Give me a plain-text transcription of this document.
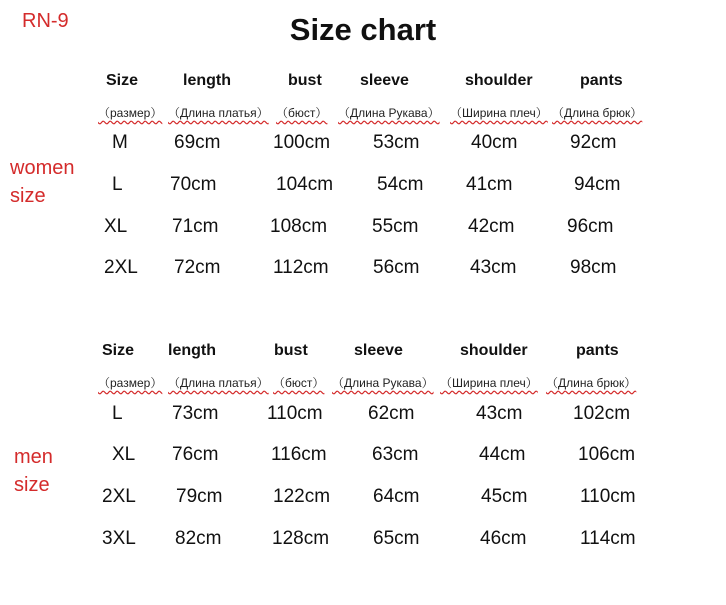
RN-9	Size chart
women
size
men
size
Size	length	bust sleeve	shoulder	pants
（размер） （Длина платья） （бюст） （Длина Рукава） （Ширина плеч） （Длина брюк）
M 69cm	100cm 53cm	40cm	92cm
L 70cm	104cm 54cm 41cm	94cm
XL 71cm	108cm 55cm	42cm	96cm
2XL 72cm	112cm 56cm	43cm	98cm
Size length	bust	sleeve	shoulder	pants
（размер） （Длина платья） （бюст） （Длина Рукава） （Ширина плеч） （Длина брюк）
L	73cm	110cm 62cm	43cm	102cm
XL 76cm	116cm 63cm	44cm	106cm
2XL 79cm	122cm 64cm	45cm	110cm
3XL 82cm	128cm 65cm	46cm	114cm
